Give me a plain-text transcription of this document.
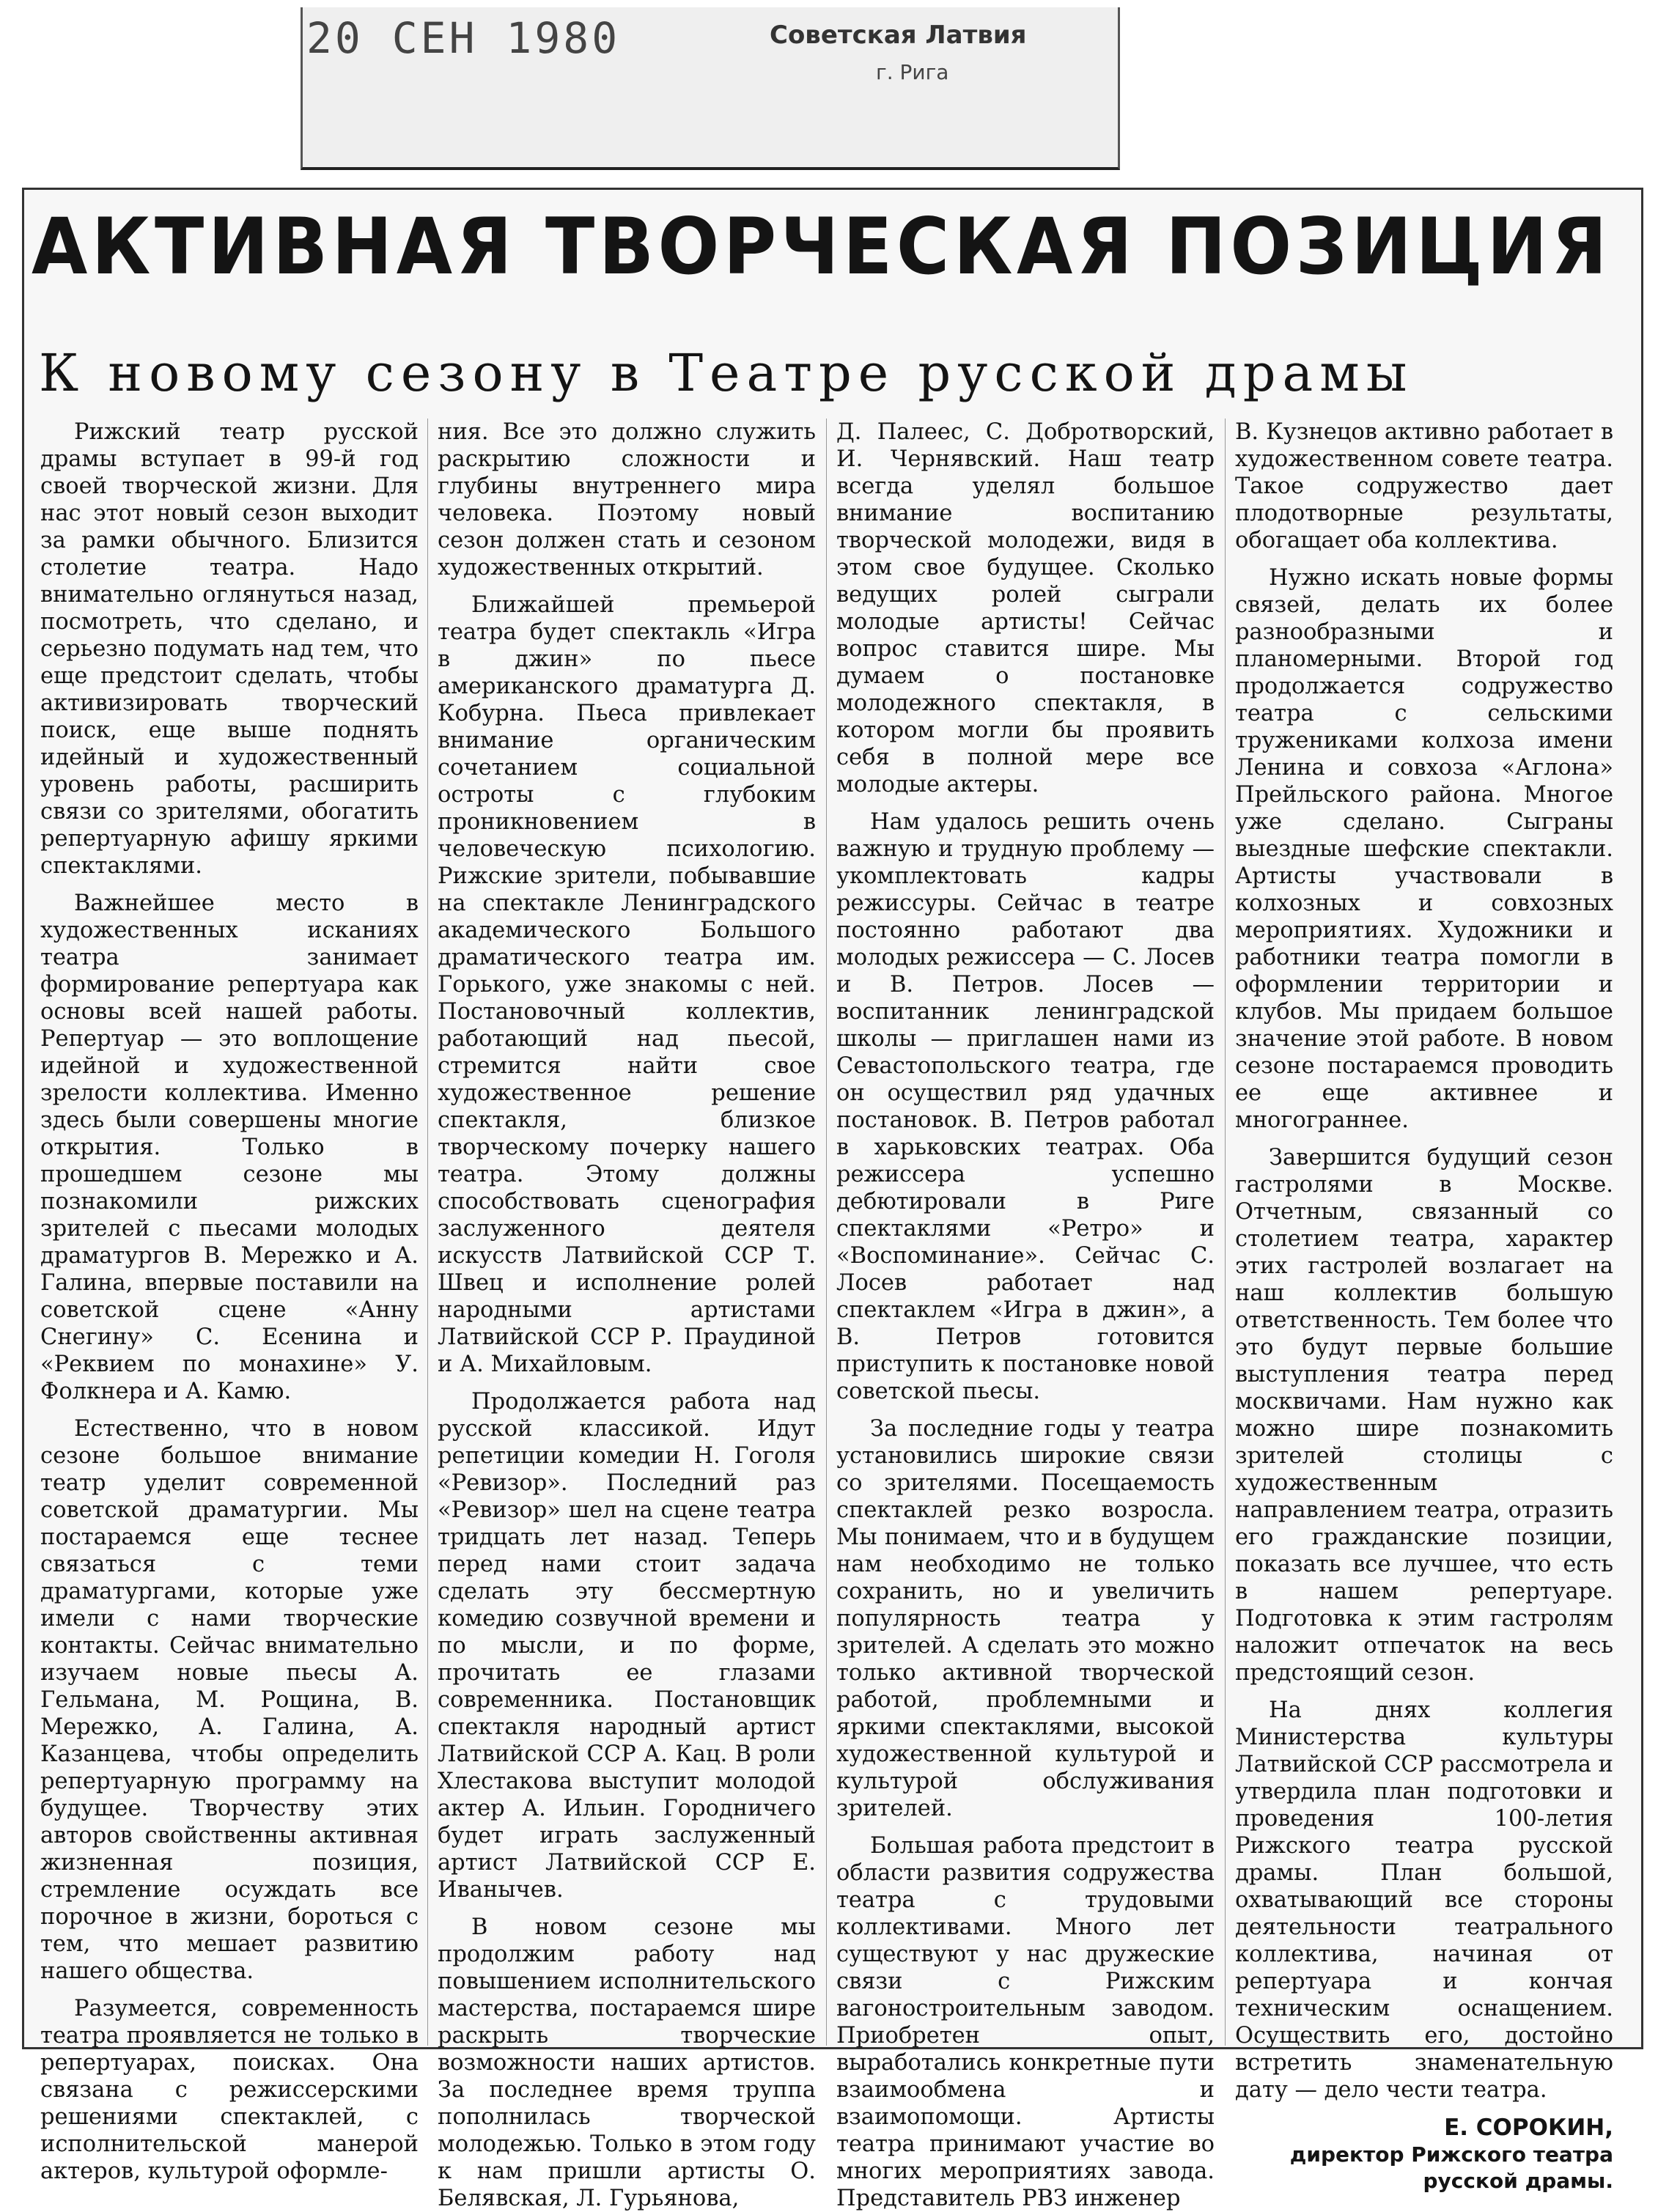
20 СЕН 1980	Советская Латвия
г. Рига
АКТИВНАЯ ТВОРЧЕСКАЯ ПОЗИЦИЯ
К новому сезону в Театре русской драмы

Рижский театр русской драмы вступает в 99-й год своей творческой жизни. Для нас этот новый сезон выходит за рамки обычного. Близится столетие театра. Надо внимательно оглянуться назад, посмотреть, что сделано, и серьезно подумать над тем, что еще предстоит сделать, чтобы активизировать творческий поиск, еще выше поднять идейный и художественный уровень работы, расширить связи со зрителями, обогатить репертуарную афишу яркими спектаклями.

Важнейшее место в художественных исканиях театра занимает формирование репертуара как основы всей нашей работы. Репертуар — это воплощение идейной и художественной зрелости коллектива. Именно здесь были совершены многие открытия. Только в прошедшем сезоне мы познакомили рижских зрителей с пьесами молодых драматургов В. Мережко и А. Галина, впервые поставили на советской сцене «Анну Снегину» С. Есенина и «Реквием по монахине» У. Фолкнера и А. Камю.

Естественно, что в новом сезоне большое внимание театр уделит современной советской драматургии. Мы постараемся еще теснее связаться с теми драматургами, которые уже имели с нами творческие контакты. Сейчас внимательно изучаем новые пьесы А. Гельмана, М. Рощина, В. Мережко, А. Галина, А. Казанцева, чтобы определить репертуарную программу на будущее. Творчеству этих авторов свойственны активная жизненная позиция, стремление осуждать все порочное в жизни, бороться с тем, что мешает развитию нашего общества.

Разумеется, современность театра проявляется не только в репертуарах, поисках. Она связана с режиссерскими решениями спектаклей, с исполнительской манерой актеров, культурой оформле-

ния. Все это должно служить раскрытию сложности и глубины внутреннего мира человека. Поэтому новый сезон должен стать и сезоном художественных открытий.

Ближайшей премьерой театра будет спектакль «Игра в джин» по пьесе американского драматурга Д. Кобурна. Пьеса привлекает внимание органическим сочетанием социальной остроты с глубоким проникновением в человеческую психологию. Рижские зрители, побывавшие на спектакле Ленинградского академического Большого драматического театра им. Горького, уже знакомы с ней. Постановочный коллектив, работающий над пьесой, стремится найти свое художественное решение спектакля, близкое творческому почерку нашего театра. Этому должны способствовать сценография заслуженного деятеля искусств Латвийской ССР Т. Швец и исполнение ролей народными артистами Латвийской ССР Р. Праудиной и А. Михайловым.

Продолжается работа над русской классикой. Идут репетиции комедии Н. Гоголя «Ревизор». Последний раз «Ревизор» шел на сцене театра тридцать лет назад. Теперь перед нами стоит задача сделать эту бессмертную комедию созвучной времени и по мысли, и по форме, прочитать ее глазами современника. Постановщик спектакля народный артист Латвийской ССР А. Кац. В роли Хлестакова выступит молодой актер А. Ильин. Городничего будет играть заслуженный артист Латвийской ССР Е. Иванычев.

В новом сезоне мы продолжим работу над повышением исполнительского мастерства, постараемся шире раскрыть творческие возможности наших артистов. За последнее время труппа пополнилась творческой молодежью. Только в этом году к нам пришли артисты О. Белявская, Л. Гурьянова,

Д. Палеес, С. Добротворский, И. Чернявский. Наш театр всегда уделял большое внимание воспитанию творческой молодежи, видя в этом свое будущее. Сколько ведущих ролей сыграли молодые артисты! Сейчас вопрос ставится шире. Мы думаем о постановке молодежного спектакля, в котором могли бы проявить себя в полной мере все молодые актеры.

Нам удалось решить очень важную и трудную проблему — укомплектовать кадры режиссуры. Сейчас в театре постоянно работают два молодых режиссера — С. Лосев и В. Петров. Лосев — воспитанник ленинградской школы — приглашен нами из Севастопольского театра, где он осуществил ряд удачных постановок. В. Петров работал в харьковских театрах. Оба режиссера успешно дебютировали в Риге спектаклями «Ретро» и «Воспоминание». Сейчас С. Лосев работает над спектаклем «Игра в джин», а В. Петров готовится приступить к постановке новой советской пьесы.

За последние годы у театра установились широкие связи со зрителями. Посещаемость спектаклей резко возросла. Мы понимаем, что и в будущем нам необходимо не только сохранить, но и увеличить популярность театра у зрителей. А сделать это можно только активной творческой работой, проблемными и яркими спектаклями, высокой художественной культурой и культурой обслуживания зрителей.

Большая работа предстоит в области развития содружества театра с трудовыми коллективами. Много лет существуют у нас дружеские связи с Рижским вагоностроительным заводом. Приобретен опыт, выработались конкретные пути взаимообмена и взаимопомощи. Артисты театра принимают участие во многих мероприятиях завода. Представитель РВЗ инженер

В. Кузнецов активно работает в художественном совете театра. Такое содружество дает плодотворные результаты, обогащает оба коллектива.

Нужно искать новые формы связей, делать их более разнообразными и планомерными. Второй год продолжается содружество театра с сельскими тружениками колхоза имени Ленина и совхоза «Аглона» Прейльского района. Многое уже сделано. Сыграны выездные шефские спектакли. Артисты участвовали в колхозных и совхозных мероприятиях. Художники и работники театра помогли в оформлении территории и клубов. Мы придаем большое значение этой работе. В новом сезоне постараемся проводить ее еще активнее и многограннее.

Завершится будущий сезон гастролями в Москве. Отчетным, связанный со столетием театра, характер этих гастролей возлагает на наш коллектив большую ответственность. Тем более что это будут первые большие выступления театра перед москвичами. Нам нужно как можно шире познакомить зрителей столицы с художественным направлением театра, отразить его гражданские позиции, показать все лучшее, что есть в нашем репертуаре. Подготовка к этим гастролям наложит отпечаток на весь предстоящий сезон.

На днях коллегия Министерства культуры Латвийской ССР рассмотрела и утвердила план подготовки и проведения 100-летия Рижского театра русской драмы. План большой, охватывающий все стороны деятельности театрального коллектива, начиная от репертуара и кончая техническим оснащением. Осуществить его, достойно встретить знаменательную дату — дело чести театра.

Е. СОРОКИН,
директор Рижского театра русской драмы.
